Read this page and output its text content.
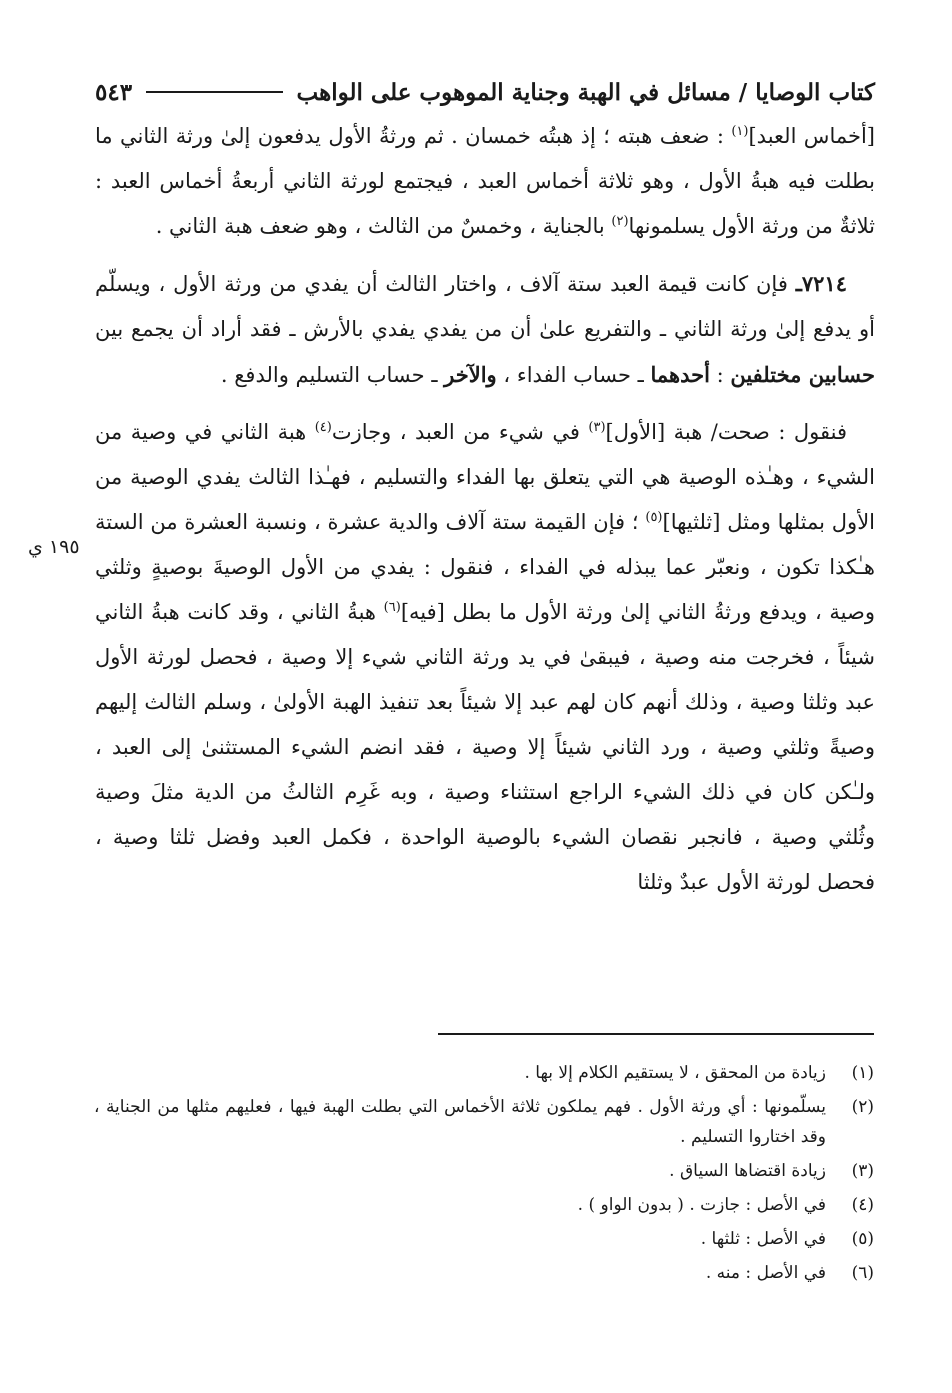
كتاب الوصايا / مسائل في الهبة وجناية الموهوب على الواهب
٥٤٣

[أخماس العبد]$^{(١)}$ : ضعف هبته ؛ إذ هبتُه خمسان . ثم ورثةُ الأول يدفعون إلىٰ ورثة الثاني ما بطلت فيه هبةُ الأول ، وهو ثلاثة أخماس العبد ، فيجتمع لورثة الثاني أربعةُ أخماس العبد : ثلاثةٌ من ورثة الأول يسلمونها$^{(٢)}$ بالجناية ، وخمسٌ من الثالث ، وهو ضعف هبة الثاني .

٧٢١٤ـ فإن كانت قيمة العبد ستة آلاف ، واختار الثالث أن يفدي من ورثة الأول ، ويسلّم أو يدفع إلىٰ ورثة الثاني ـ والتفريع علىٰ أن من يفدي يفدي بالأرش ـ فقد أراد أن يجمع بين حسابين مختلفين : أحدهما ـ حساب الفداء ، والآخر ـ حساب التسليم والدفع .

فنقول : صحت/ هبة [الأول]$^{(٣)}$ في شيء من العبد ، وجازت$^{(٤)}$ هبة الثاني في وصية من الشيء ، وهـٰذه الوصية هي التي يتعلق بها الفداء والتسليم ، فهـٰذا الثالث يفدي الوصية من الأول بمثلها ومثل [ثلثيها]$^{(٥)}$ ؛ فإن القيمة ستة آلاف والدية عشرة ، ونسبة العشرة من الستة هـٰكذا تكون ، ونعبّر عما يبذله في الفداء ، فنقول : يفدي من الأول الوصيةَ بوصيةٍ وثلثي وصية ، ويدفع ورثةُ الثاني إلىٰ ورثة الأول ما بطل [فيه]$^{(٦)}$ هبةُ الثاني ، وقد كانت هبةُ الثاني شيئاً ، فخرجت منه وصية ، فيبقىٰ في يد ورثة الثاني شيء إلا وصية ، فحصل لورثة الأول عبد وثلثا وصية ، وذلك أنهم كان لهم عبد إلا شيئاً بعد تنفيذ الهبة الأولىٰ ، وسلم الثالث إليهم وصيةً وثلثي وصية ، ورد الثاني شيئاً إلا وصية ، فقد انضم الشيء المستثنىٰ إلى العبد ، ولـٰكن كان في ذلك الشيء الراجع استثناء وصية ، وبه غَرِم الثالثُ من الدية مثلَ وصية وثُلثي وصية ، فانجبر نقصان الشيء بالوصية الواحدة ، فكمل العبد وفضل ثلثا وصية ، فحصل لورثة الأول عبدٌ وثلثا

١٩٥ ي
(١)
زيادة من المحقق ، لا يستقيم الكلام إلا بها .
(٢)
يسلّمونها : أي ورثة الأول . فهم يملكون ثلاثة الأخماس التي بطلت الهبة فيها ، فعليهم مثلها من الجناية ، وقد اختاروا التسليم .
(٣)
زيادة اقتضاها السياق .
(٤)
في الأصل : جازت . ( بدون الواو ) .
(٥)
في الأصل : ثلثها .
(٦)
في الأصل : منه .
